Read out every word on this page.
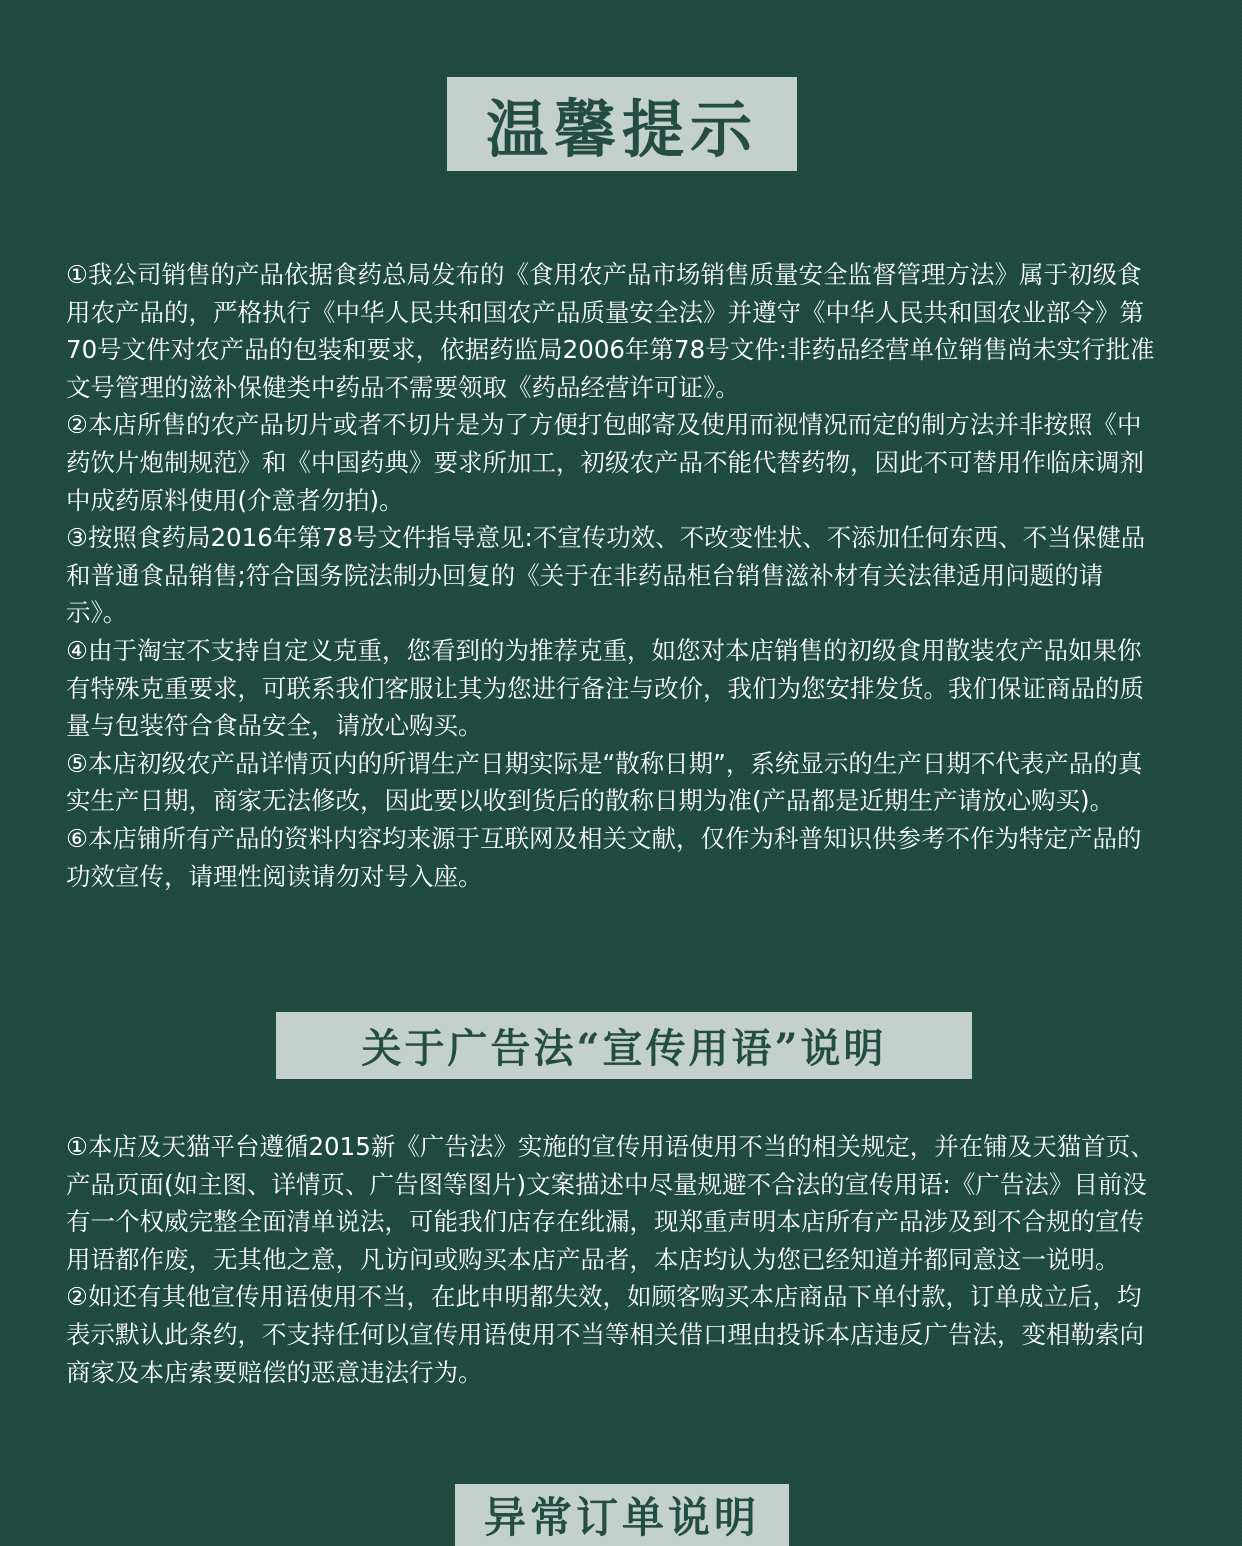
温馨提示

①我公司销售的产品依据食药总局发布的《食用农产品市场销售质量安全监督管理方法》属于初级食用农产品的，严格执行《中华人民共和国农产品质量安全法》并遵守《中华人民共和国农业部令》第70号文件对农产品的包装和要求，依据药监局2006年第78号文件:非药品经营单位销售尚未实行批准文号管理的滋补保健类中药品不需要领取《药品经营许可证》。

②本店所售的农产品切片或者不切片是为了方便打包邮寄及使用而视情况而定的制方法并非按照《中药饮片炮制规范》和《中国药典》要求所加工，初级农产品不能代替药物，因此不可替用作临床调剂中成药原料使用(介意者勿拍)。

③按照食药局2016年第78号文件指导意见:不宣传功效、不改变性状、不添加任何东西、不当保健品和普通食品销售;符合国务院法制办回复的《关于在非药品柜台销售滋补材有关法律适用问题的请示》。

④由于淘宝不支持自定义克重，您看到的为推荐克重，如您对本店销售的初级食用散装农产品如果你有特殊克重要求，可联系我们客服让其为您进行备注与改价，我们为您安排发货。我们保证商品的质量与包装符合食品安全，请放心购买。

⑤本店初级农产品详情页内的所谓生产日期实际是“散称日期”，系统显示的生产日期不代表产品的真实生产日期，商家无法修改，因此要以收到货后的散称日期为准(产品都是近期生产请放心购买)。

⑥本店铺所有产品的资料内容均来源于互联网及相关文献，仅作为科普知识供参考不作为特定产品的功效宣传，请理性阅读请勿对号入座。

关于广告法“宣传用语”说明

①本店及天猫平台遵循2015新《广告法》实施的宣传用语使用不当的相关规定，并在铺及天猫首页、产品页面(如主图、详情页、广告图等图片)文案描述中尽量规避不合法的宣传用语:《广告法》目前没有一个权威完整全面清单说法，可能我们店存在纰漏，现郑重声明本店所有产品涉及到不合规的宣传用语都作废，无其他之意，凡访问或购买本店产品者，本店均认为您已经知道并都同意这一说明。

②如还有其他宣传用语使用不当，在此申明都失效，如顾客购买本店商品下单付款，订单成立后，均表示默认此条约，不支持任何以宣传用语使用不当等相关借口理由投诉本店违反广告法，变相勒索向商家及本店索要赔偿的恶意违法行为。

异常订单说明
